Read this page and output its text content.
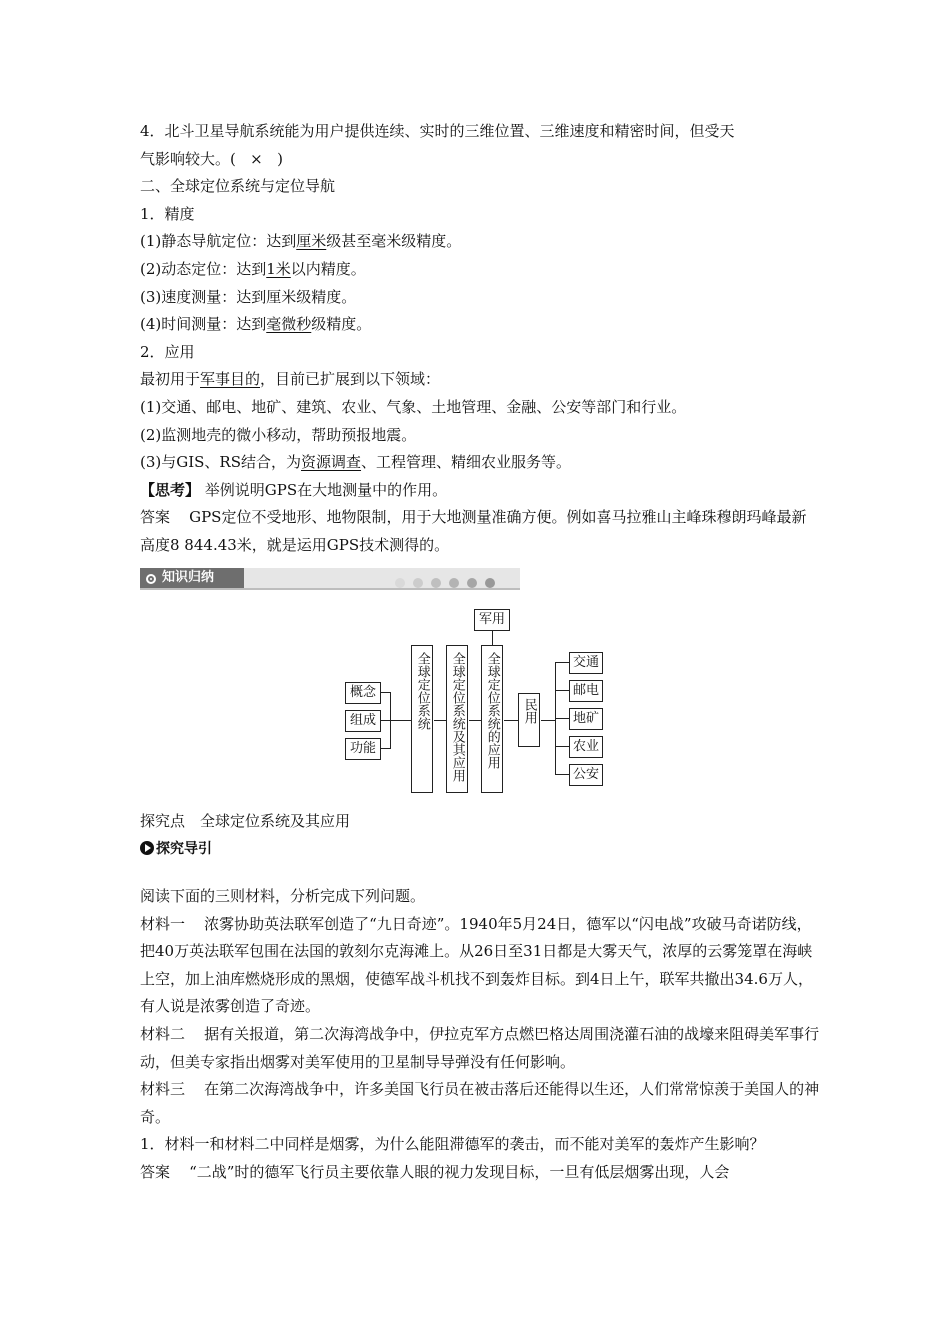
4．北斗卫星导航系统能为用户提供连续、实时的三维位置、三维速度和精密时间，但受天

气影响较大。( × )

二、全球定位系统与定位导航

1．精度

(1)静态导航定位：达到厘米级甚至毫米级精度。

(2)动态定位：达到1米以内精度。

(3)速度测量：达到厘米级精度。

(4)时间测量：达到毫微秒级精度。

2．应用

最初用于军事目的，目前已扩展到以下领域：

(1)交通、邮电、地矿、建筑、农业、气象、土地管理、金融、公安等部门和行业。

(2)监测地壳的微小移动，帮助预报地震。

(3)与GIS、RS结合，为资源调查、工程管理、精细农业服务等。

【思考】 举例说明GPS在大地测量中的作用。

答案 GPS定位不受地形、地物限制，用于大地测量准确方便。例如喜马拉雅山主峰珠穆朗玛峰最新高度8 844.43米，就是运用GPS技术测得的。

知识归纳
概念
组成
功能
全球定位系统 全球定位系统及其应用 全球定位系统的应用
军用
民用
交通
邮电
地矿
农业
公安
探究点　全球定位系统及其应用
探究导引

阅读下面的三则材料，分析完成下列问题。

材料一 浓雾协助英法联军创造了“九日奇迹”。1940年5月24日，德军以“闪电战”攻破马奇诺防线，把40万英法联军包围在法国的敦刻尔克海滩上。从26日至31日都是大雾天气，浓厚的云雾笼罩在海峡上空，加上油库燃烧形成的黑烟，使德军战斗机找不到轰炸目标。到4日上午，联军共撤出34.6万人，有人说是浓雾创造了奇迹。

材料二 据有关报道，第二次海湾战争中，伊拉克军方点燃巴格达周围浇灌石油的战壕来阻碍美军事行动，但美专家指出烟雾对美军使用的卫星制导导弹没有任何影响。

材料三 在第二次海湾战争中，许多美国飞行员在被击落后还能得以生还，人们常常惊羡于美国人的神奇。

1．材料一和材料二中同样是烟雾，为什么能阻滞德军的袭击，而不能对美军的轰炸产生影响？

答案 “二战”时的德军飞行员主要依靠人眼的视力发现目标，一旦有低层烟雾出现，人会
